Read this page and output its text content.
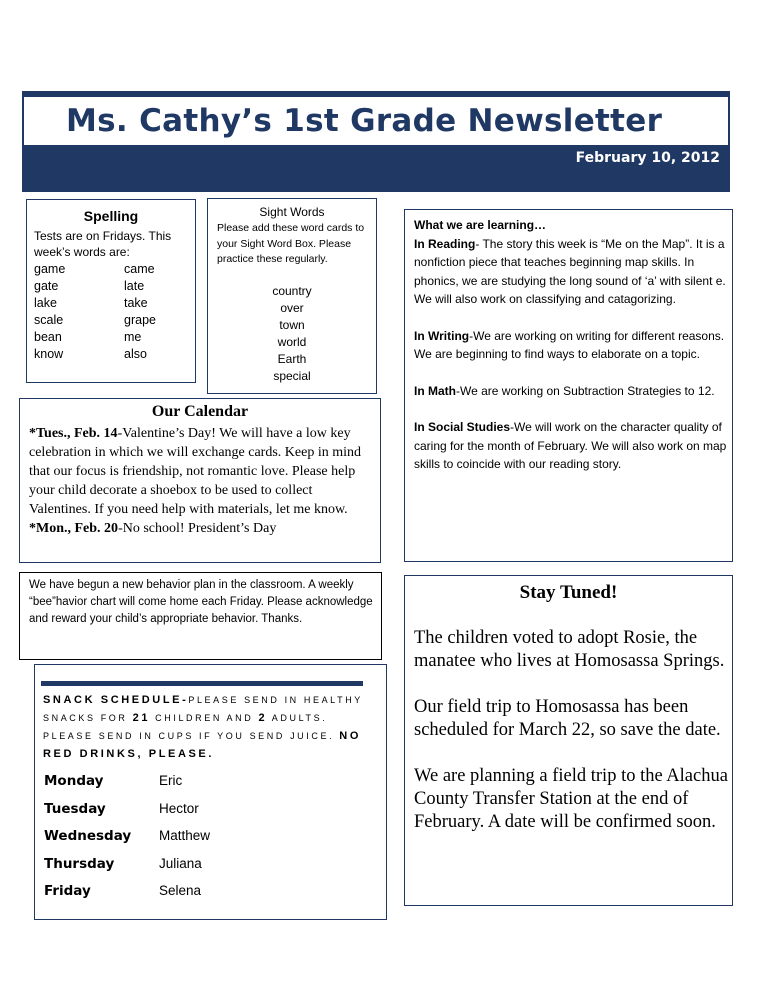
Ms. Cathy’s 1st Grade Newsletter
February 10, 2012
Spelling
Tests are on Fridays. This week’s words are:
game	came
gate	late
lake	take
scale	grape
bean	me
know	also
Sight Words
Please add these word cards to your Sight Word Box. Please practice these regularly.
country
over
town
world
Earth
special

What we are learning…

In Reading- The story this week is “Me on the Map”. It is a nonfiction piece that teaches beginning map skills. In phonics, we are studying the long sound of ‘a’ with silent e. We will also work on classifying and catagorizing.

In Writing-We are working on writing for different reasons. We are beginning to find ways to elaborate on a topic.

In Math-We are working on Subtraction Strategies to 12.

In Social Studies-We will work on the character quality of caring for the month of February. We will also work on map skills to coincide with our reading story.

Our Calendar

*Tues., Feb. 14-Valentine’s Day! We will have a low key celebration in which we will exchange cards. Keep in mind that our focus is friendship, not romantic love. Please help your child decorate a shoebox to be used to collect Valentines. If you need help with materials, let me know.

*Mon., Feb. 20-No school! President’s Day

We have begun a new behavior plan in the classroom. A weekly “bee”havior chart will come home each Friday. Please acknowledge and reward your child’s appropriate behavior. Thanks.
SNACK SCHEDULE-PLEASE SEND IN HEALTHY SNACKS FOR 21 CHILDREN AND 2 ADULTS. PLEASE SEND IN CUPS IF YOU SEND JUICE. NO RED DRINKS, PLEASE.
Monday	Eric
Tuesday	Hector
Wednesday Matthew
Thursday	Juliana
Friday	Selena
Stay Tuned!

The children voted to adopt Rosie, the manatee who lives at Homosassa Springs.

Our field trip to Homosassa has been scheduled for March 22, so save the date.

We are planning a field trip to the Alachua County Transfer Station at the end of February. A date will be confirmed soon.
